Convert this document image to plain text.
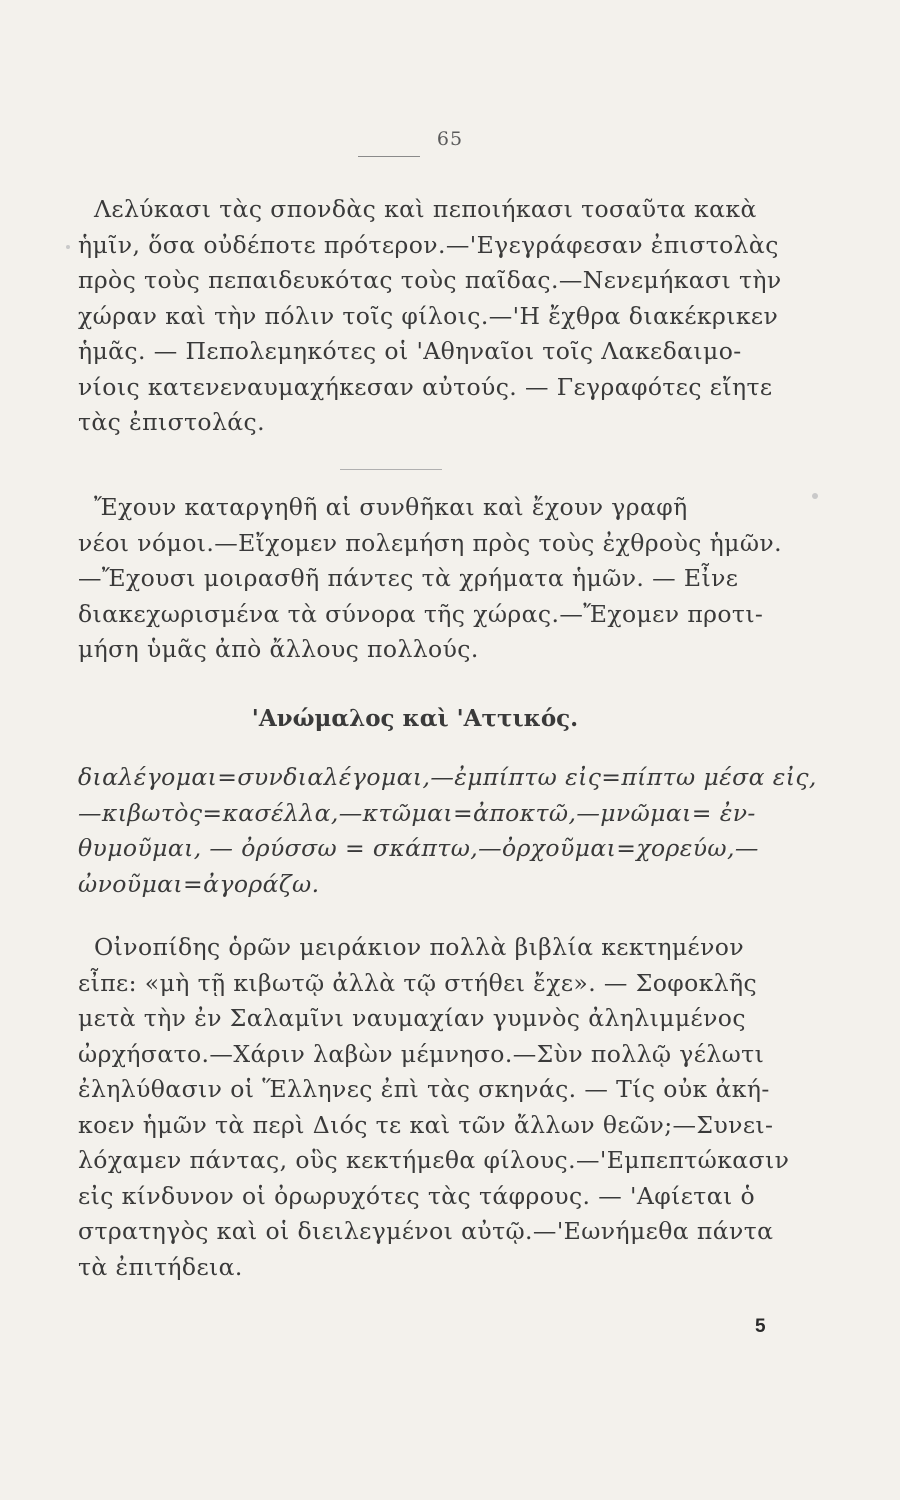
65
Λελύκασι τὰς σπονδὰς καὶ πεποιήκασι τοσαῦτα κακὰ
ἡμῖν, ὅσα οὐδέποτε πρότερον.—'Εγεγράφεσαν ἐπιστολὰς
πρὸς τοὺς πεπαιδευκότας τοὺς παῖδας.—Νενεμήκασι τὴν
χώραν καὶ τὴν πόλιν τοῖς φίλοις.—'Η ἔχθρα διακέκρικεν
ἡμᾶς. — Πεπολεμηκότες οἱ 'Αθηναῖοι τοῖς Λακεδαιμο-
νίοις κατενεναυμαχήκεσαν αὐτούς. — Γεγραφότες εἴητε
τὰς ἐπιστολάς.
Ἔχουν καταργηθῆ αἱ συνθῆκαι καὶ ἔχουν γραφῆ
νέοι νόμοι.—Εἴχομεν πολεμήση πρὸς τοὺς ἐχθροὺς ἡμῶν.
—Ἔχουσι μοιρασθῆ πάντες τὰ χρήματα ἡμῶν. — Εἶνε
διακεχωρισμένα τὰ σύνορα τῆς χώρας.—Ἔχομεν προτι-
μήση ὑμᾶς ἀπὸ ἄλλους πολλούς.
'Ανώμαλος καὶ 'Αττικός.
διαλέγομαι=συνδιαλέγομαι,—ἐμπίπτω εἰς=πίπτω μέσα εἰς,
—κιβωτὸς=κασέλλα,—κτῶμαι=ἀποκτῶ,—μνῶμαι= ἐν-
θυμοῦμαι, — ὀρύσσω = σκάπτω,—ὀρχοῦμαι=χορεύω,—
ὠνοῦμαι=ἀγοράζω.
Οἰνοπίδης ὁρῶν μειράκιον πολλὰ βιβλία κεκτημένον
εἶπε: «μὴ τῇ κιβωτῷ ἀλλὰ τῷ στήθει ἔχε». — Σοφοκλῆς
μετὰ τὴν ἐν Σαλαμῖνι ναυμαχίαν γυμνὸς ἀληλιμμένος
ὠρχήσατο.—Χάριν λαβὼν μέμνησο.—Σὺν πολλῷ γέλωτι
ἐληλύθασιν οἱ Ἕλληνες ἐπὶ τὰς σκηνάς. — Τίς οὐκ ἀκή-
κοεν ἡμῶν τὰ περὶ Διός τε καὶ τῶν ἄλλων θεῶν;—Συνει-
λόχαμεν πάντας, οὓς κεκτήμεθα φίλους.—'Εμπεπτώκασιν
εἰς κίνδυνον οἱ ὀρωρυχότες τὰς τάφρους. — 'Αφίεται ὁ
στρατηγὸς καὶ οἱ διειλεγμένοι αὐτῷ.—'Εωνήμεθα πάντα
τὰ ἐπιτήδεια.
5
